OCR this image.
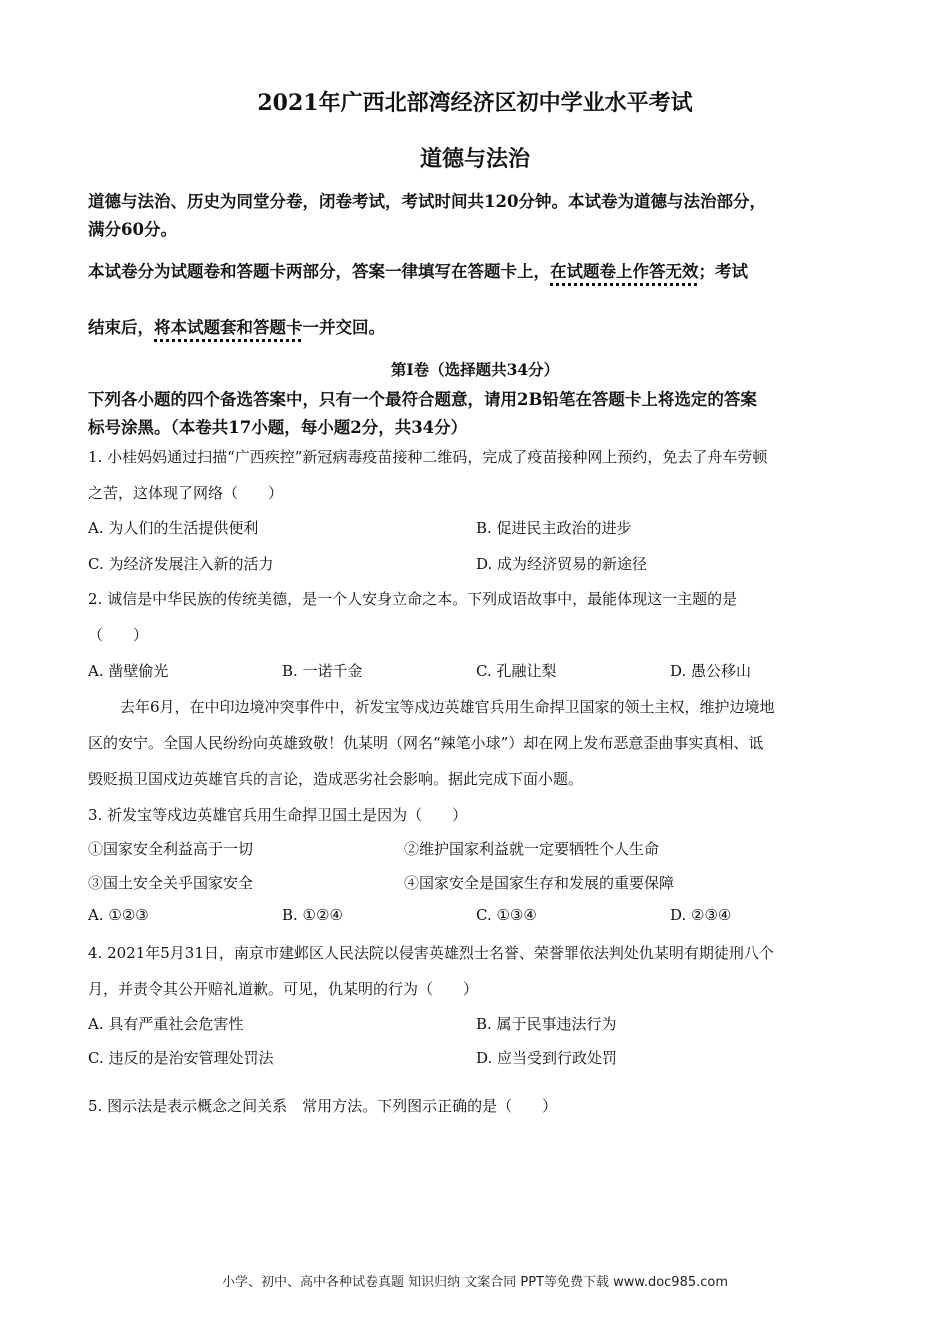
2021年广西北部湾经济区初中学业水平考试
道德与法治
道德与法治、历史为同堂分卷，闭卷考试，考试时间共120分钟。本试卷为道德与法治部分，
满分60分。
本试卷分为试题卷和答题卡两部分，答案一律填写在答题卡上，在试题卷上作答无效；考试
结束后，将本试题套和答题卡一并交回。
第Ⅰ卷（选择题共34分）
下列各小题的四个备选答案中，只有一个最符合题意，请用2B铅笔在答题卡上将选定的答案
标号涂黑。（本卷共17小题，每小题2分，共34分）
1. 小桂妈妈通过扫描“广西疾控”新冠病毒疫苗接种二维码，完成了疫苗接种网上预约，免去了舟车劳顿
之苦，这体现了网络（　　）
A. 为人们的生活提供便利	B. 促进民主政治的进步
C. 为经济发展注入新的活力	D. 成为经济贸易的新途径
2. 诚信是中华民族的传统美德，是一个人安身立命之本。下列成语故事中，最能体现这一主题的是
（　　）
A. 凿壁偷光	B. 一诺千金	C. 孔融让梨	D. 愚公移山
去年6月，在中印边境冲突事件中，祈发宝等戍边英雄官兵用生命捍卫国家的领土主权，维护边境地
区的安宁。全国人民纷纷向英雄致敬！仇某明（网名“辣笔小球”）却在网上发布恶意歪曲事实真相、诋
毁贬损卫国戍边英雄官兵的言论，造成恶劣社会影响。据此完成下面小题。
3. 祈发宝等戍边英雄官兵用生命捍卫国土是因为（　　）
①国家安全利益高于一切	②维护国家利益就一定要牺牲个人生命
③国土安全关乎国家安全	④国家安全是国家生存和发展的重要保障
A. ①②③	B. ①②④	C. ①③④	D. ②③④
4. 2021年5月31日，南京市建邺区人民法院以侵害英雄烈士名誉、荣誉罪依法判处仇某明有期徒刑八个
月，并责令其公开赔礼道歉。可见，仇某明的行为（　　）
A. 具有严重社会危害性	B. 属于民事违法行为
C. 违反的是治安管理处罚法	D. 应当受到行政处罚
5. 图示法是表示概念之间关系　常用方法。下列图示正确的是（　　）
小学、初中、高中各种试卷真题 知识归纳 文案合同 PPT等免费下载 www.doc985.com
